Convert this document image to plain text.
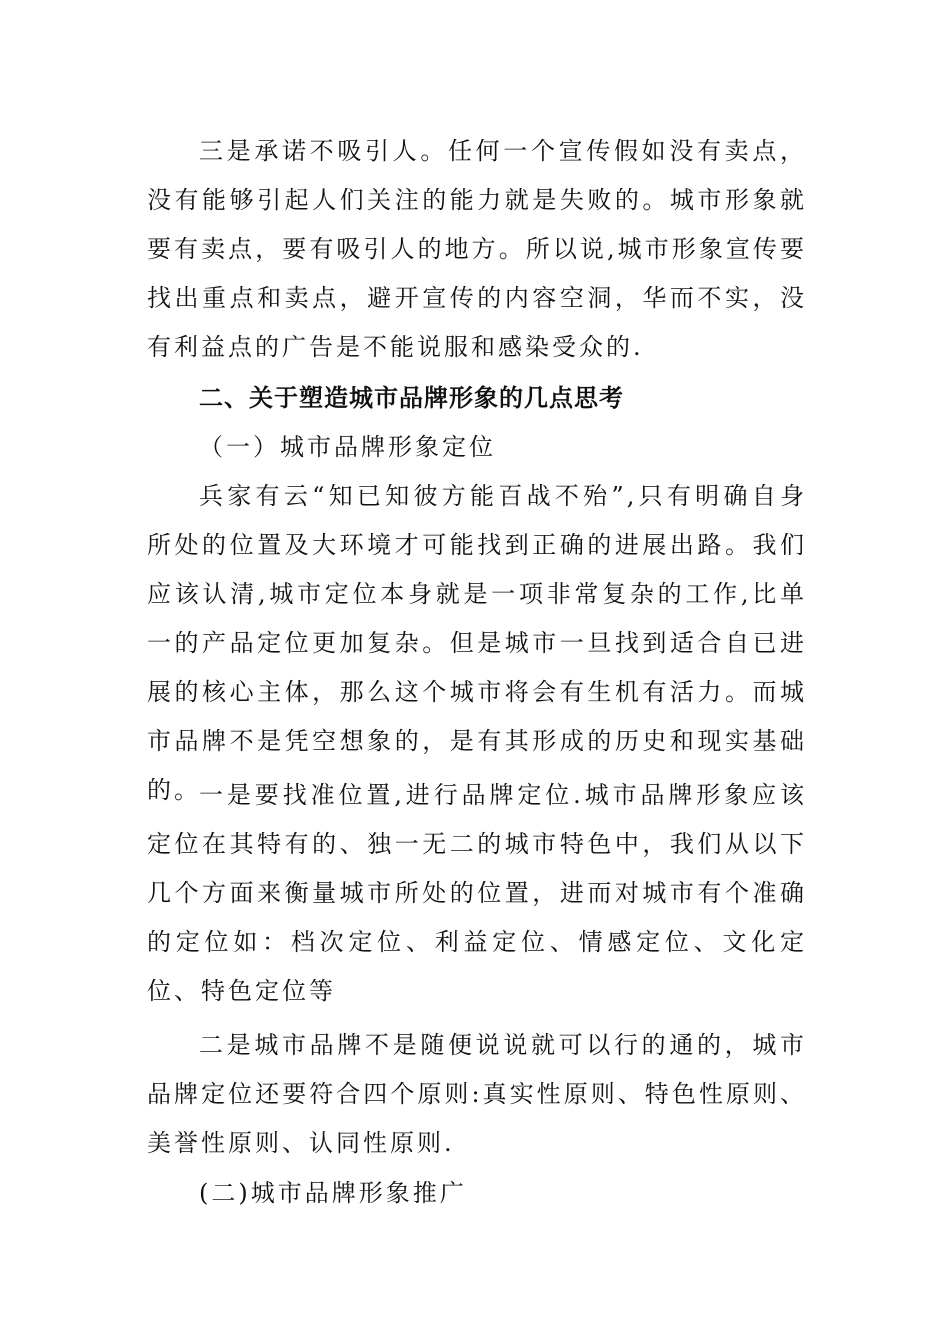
三是承诺不吸引人。任何一个宣传假如没有卖点，没有能够引起人们关注的能力就是失败的。城市形象就要有卖点，要有吸引人的地方。所以说,城市形象宣传要找出重点和卖点，避开宣传的内容空洞，华而不实，没有利益点的广告是不能说服和感染受众的.

二、关于塑造城市品牌形象的几点思考

（一）城市品牌形象定位

兵家有云“知已知彼方能百战不殆”,只有明确自身所处的位置及大环境才可能找到正确的进展出路。我们应该认清,城市定位本身就是一项非常复杂的工作,比单一的产品定位更加复杂。但是城市一旦找到适合自已进展的核心主体，那么这个城市将会有生机有活力。而城市品牌不是凭空想象的，是有其形成的历史和现实基础的。

一是要找准位置,进行品牌定位.城市品牌形象应该定位在其特有的、独一无二的城市特色中，我们从以下几个方面来衡量城市所处的位置，进而对城市有个准确的定位如：档次定位、利益定位、情感定位、文化定位、特色定位等

二是城市品牌不是随便说说就可以行的通的，城市品牌定位还要符合四个原则:真实性原则、特色性原则、美誉性原则、认同性原则.

(二)城市品牌形象推广
